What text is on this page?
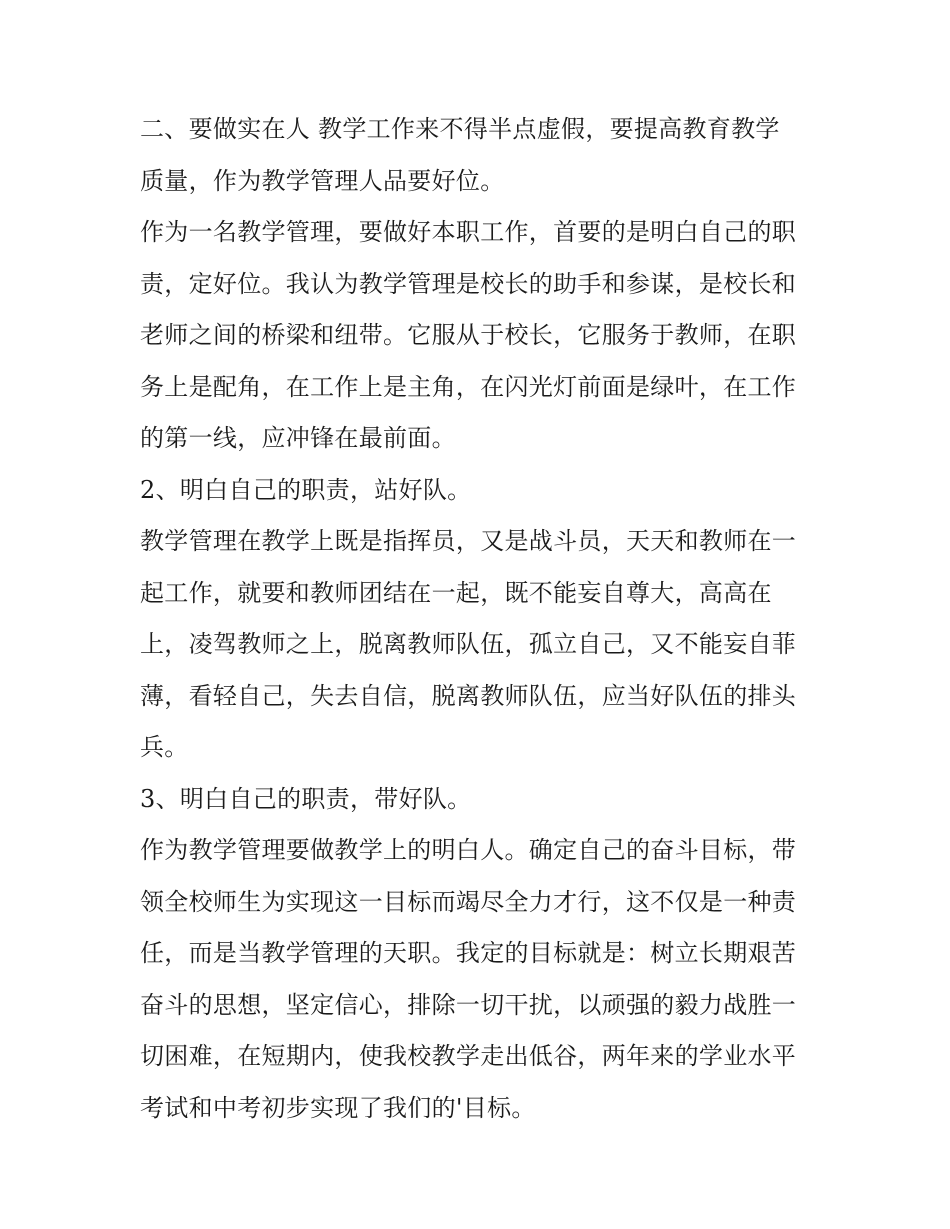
二、要做实在人 教学工作来不得半点虚假，要提高教育教学
质量，作为教学管理人品要好位。

作为一名教学管理，要做好本职工作，首要的是明白自己的职
责，定好位。我认为教学管理是校长的助手和参谋，是校长和
老师之间的桥梁和纽带。它服从于校长，它服务于教师，在职
务上是配角，在工作上是主角，在闪光灯前面是绿叶，在工作
的第一线，应冲锋在最前面。

2、明白自己的职责，站好队。

教学管理在教学上既是指挥员，又是战斗员，天天和教师在一
起工作，就要和教师团结在一起，既不能妄自尊大，高高在
上，凌驾教师之上，脱离教师队伍，孤立自己，又不能妄自菲
薄，看轻自己，失去自信，脱离教师队伍，应当好队伍的排头
兵。

3、明白自己的职责，带好队。

作为教学管理要做教学上的明白人。确定自己的奋斗目标，带
领全校师生为实现这一目标而竭尽全力才行，这不仅是一种责
任，而是当教学管理的天职。我定的目标就是：树立长期艰苦
奋斗的思想，坚定信心，排除一切干扰，以顽强的毅力战胜一
切困难，在短期内，使我校教学走出低谷，两年来的学业水平
考试和中考初步实现了我们的'目标。
